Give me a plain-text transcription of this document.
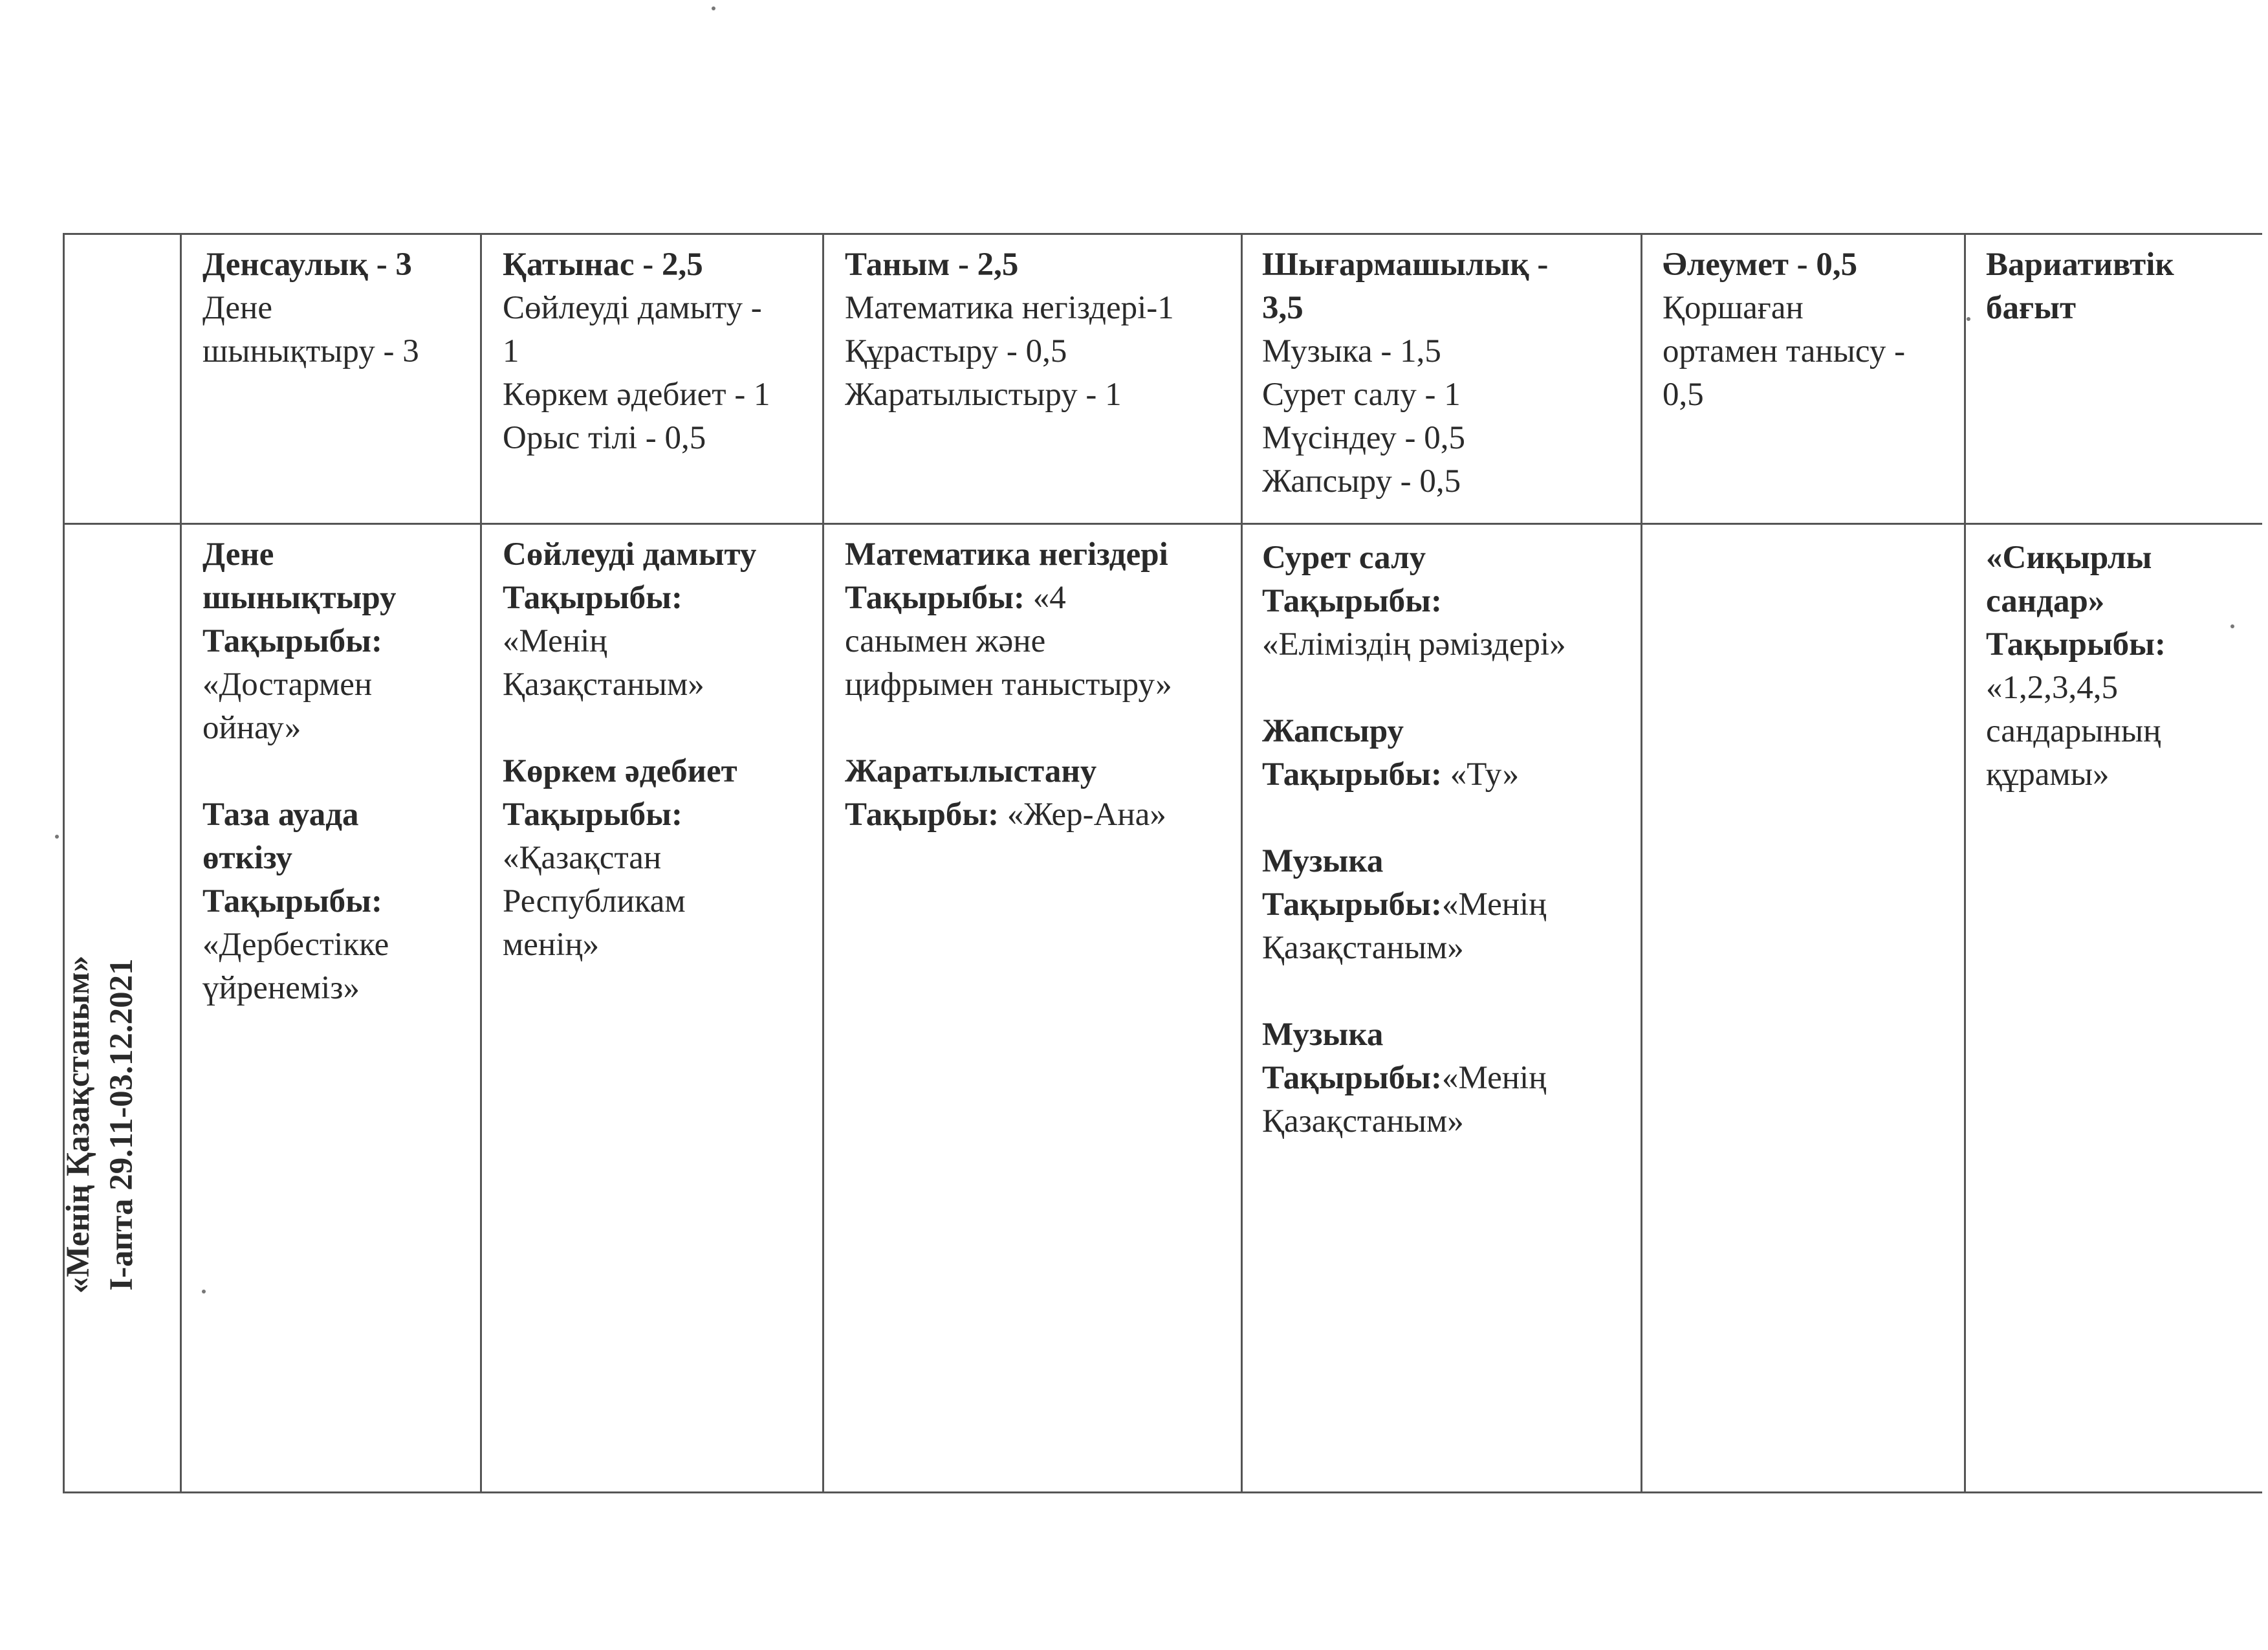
Денсаулық - 3
Дене
шынықтыру - 3
Қатынас - 2,5
Сөйлеуді дамыту -
1
Көркем әдебиет - 1
Орыс тілі - 0,5
Таным - 2,5
Математика негіздері-1
Құрастыру - 0,5
Жаратылыстыру - 1
Шығармашылық -
3,5
Музыка - 1,5
Сурет салу - 1
Мүсіндеу - 0,5
Жапсыру - 0,5
Әлеумет - 0,5
Қоршаған
ортамен танысу -
0,5
Вариативтік
бағыт
«Менің Қазақстаным» І-апта 29.11-03.12.2021
Дене
шынықтыру
Тақырыбы:
«Достармен
ойнау»
Таза ауада
өткізу
Тақырыбы:
«Дербестікке
үйренеміз»
Сөйлеуді дамыту
Тақырыбы:
«Менің
Қазақстаным»
Көркем әдебиет
Тақырыбы:
«Қазақстан
Республикам
менің»
Математика негіздері
Тақырыбы: «4
санымен және
цифрымен таныстыру»
Жаратылыстану
Тақырбы: «Жер-Ана»
Сурет салу
Тақырыбы:
«Еліміздің рәміздері»
Жапсыру
Тақырыбы: «Ту»
Музыка
Тақырыбы:«Менің
Қазақстаным»
Музыка
Тақырыбы:«Менің
Қазақстаным»
«Сиқырлы
сандар»
Тақырыбы:
«1,2,3,4,5
сандарының
құрамы»
